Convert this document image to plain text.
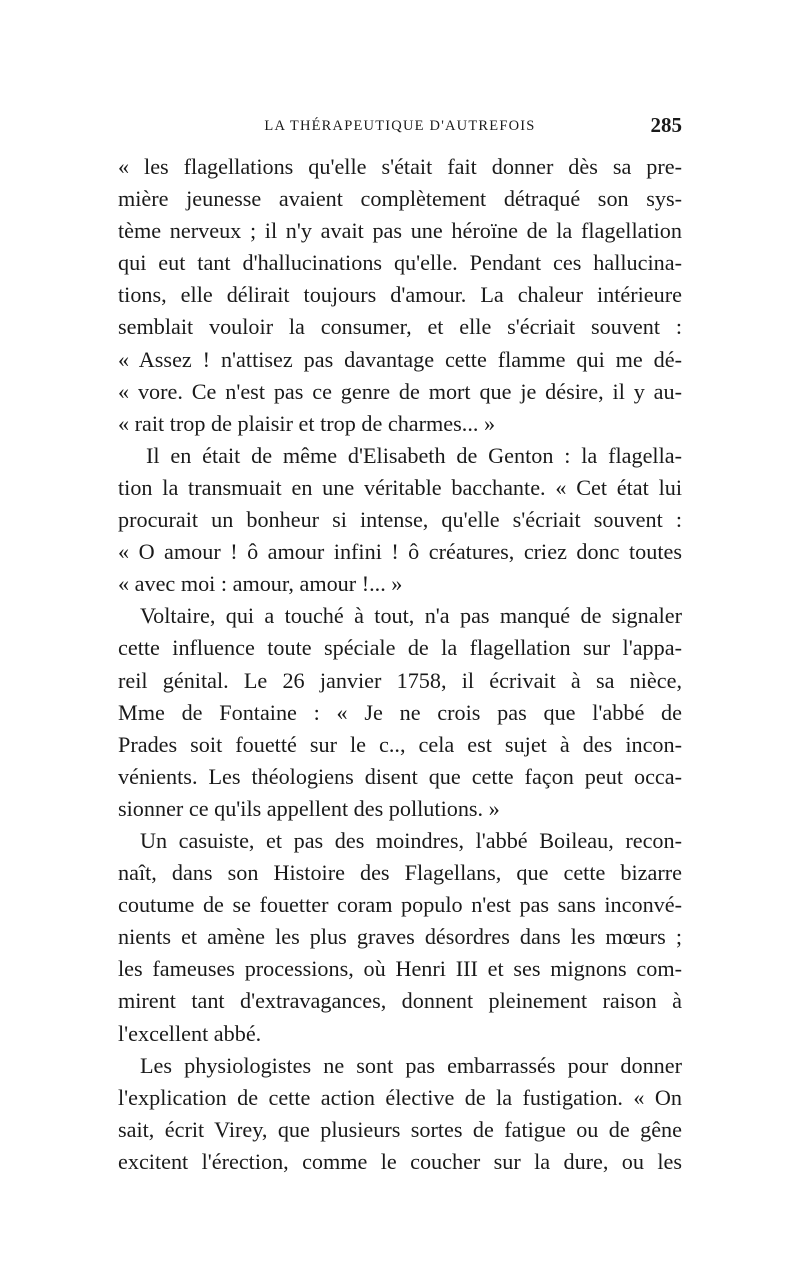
LA THÉRAPEUTIQUE D'AUTREFOIS	285
« les flagellations qu'elle s'était fait donner dès sa pre-
mière jeunesse avaient complètement détraqué son sys-
tème nerveux ; il n'y avait pas une héroïne de la flagellation
qui eut tant d'hallucinations qu'elle. Pendant ces hallucina-
tions, elle délirait toujours d'amour. La chaleur intérieure
semblait vouloir la consumer, et elle s'écriait souvent :
« Assez ! n'attisez pas davantage cette flamme qui me dé-
« vore. Ce n'est pas ce genre de mort que je désire, il y au-
« rait trop de plaisir et trop de charmes... »
Il en était de même d'Elisabeth de Genton : la flagella-
tion la transmuait en une véritable bacchante. « Cet état lui
procurait un bonheur si intense, qu'elle s'écriait souvent :
« O amour ! ô amour infini ! ô créatures, criez donc toutes
« avec moi : amour, amour !... »
Voltaire, qui a touché à tout, n'a pas manqué de signaler
cette influence toute spéciale de la flagellation sur l'appa-
reil génital. Le 26 janvier 1758, il écrivait à sa nièce,
Mme de Fontaine : « Je ne crois pas que l'abbé de
Prades soit fouetté sur le c.., cela est sujet à des incon-
vénients. Les théologiens disent que cette façon peut occa-
sionner ce qu'ils appellent des pollutions. »
Un casuiste, et pas des moindres, l'abbé Boileau, recon-
naît, dans son Histoire des Flagellans, que cette bizarre
coutume de se fouetter coram populo n'est pas sans inconvé-
nients et amène les plus graves désordres dans les mœurs ;
les fameuses processions, où Henri III et ses mignons com-
mirent tant d'extravagances, donnent pleinement raison à
l'excellent abbé.
Les physiologistes ne sont pas embarrassés pour donner
l'explication de cette action élective de la fustigation. « On
sait, écrit Virey, que plusieurs sortes de fatigue ou de gêne
excitent l'érection, comme le coucher sur la dure, ou les
